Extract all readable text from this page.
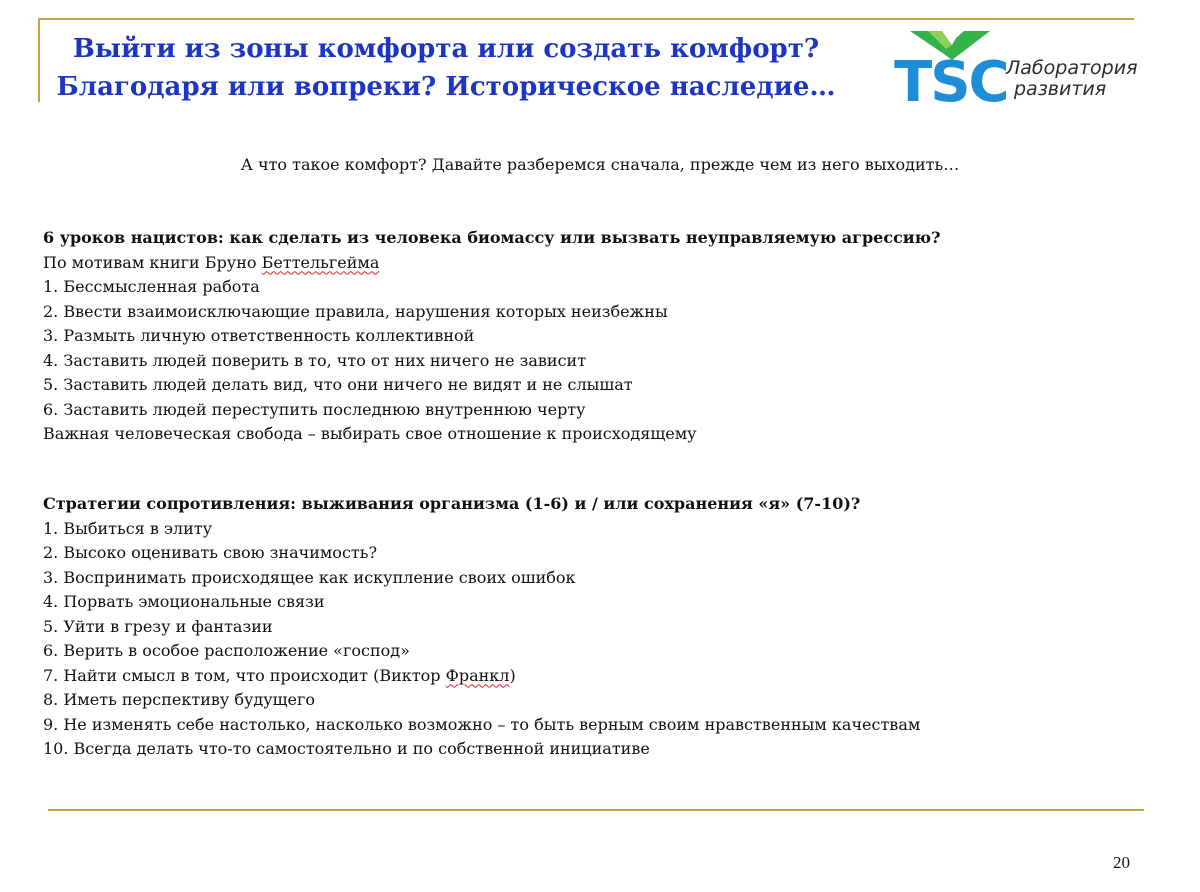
Выйти из зоны комфорта или создать комфорт?
Благодаря или вопреки? Историческое наследие… TSC
Лаборатория
развития

А что такое комфорт? Давайте разберемся сначала, прежде чем из него выходить…

6 уроков нацистов: как сделать из человека биомассу или вызвать неуправляемую агрессию?
По мотивам книги Бруно Беттельгейма
1. Бессмысленная работа
2. Ввести взаимоисключающие правила, нарушения которых неизбежны
3. Размыть личную ответственность коллективной
4. Заставить людей поверить в то, что от них ничего не зависит
5. Заставить людей делать вид, что они ничего не видят и не слышат
6. Заставить людей переступить последнюю внутреннюю черту
Важная человеческая свобода – выбирать свое отношение к происходящему
Стратегии сопротивления: выживания организма (1-6) и / или сохранения «я» (7-10)?
1. Выбиться в элиту
2. Высоко оценивать свою значимость?
3. Воспринимать происходящее как искупление своих ошибок
4. Порвать эмоциональные связи
5. Уйти в грезу и фантазии
6. Верить в особое расположение «господ»
7. Найти смысл в том, что происходит (Виктор Франкл)
8. Иметь перспективу будущего
9. Не изменять себе настолько, насколько возможно – то быть верным своим нравственным качествам
10. Всегда делать что-то самостоятельно и по собственной инициативе
20
